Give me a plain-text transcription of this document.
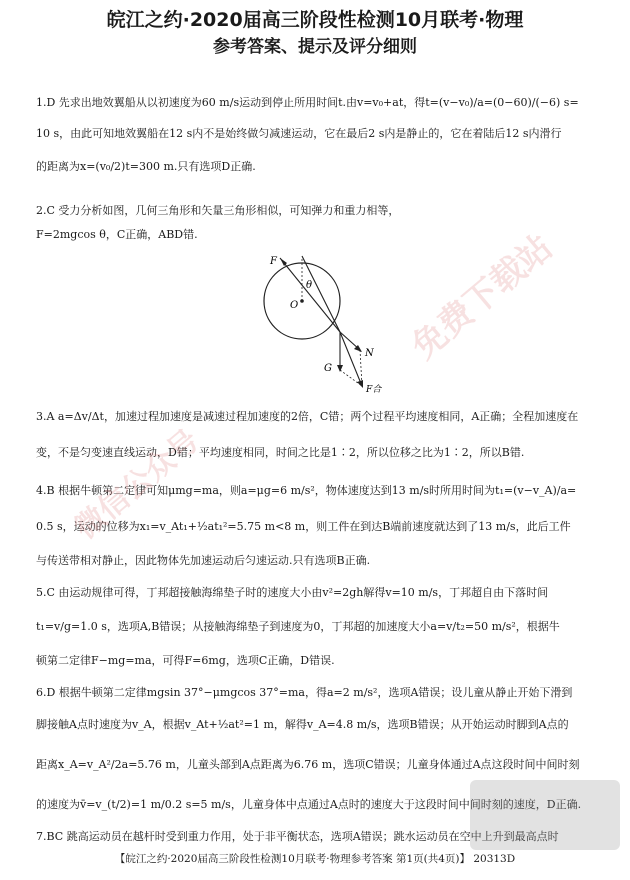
皖江之约·2020届高三阶段性检测10月联考·物理
参考答案、提示及评分细则
1.D 先求出地效翼船从以初速度为60 m/s运动到停止所用时间t.由v=v₀+at，得t=(v−v₀)/a=(0−60)/(−6) s=
10 s，由此可知地效翼船在12 s内不是始终做匀减速运动，它在最后2 s内是静止的，它在着陆后12 s内滑行
的距离为x=(v₀/2)t=300 m.只有选项D正确.
2.C 受力分析如图，几何三角形和矢量三角形相似，可知弹力和重力相等，
F=2mgcos θ，C正确，ABD错.
F
θ
O
N
G
F合
3.A a=Δv/Δt，加速过程加速度是减速过程加速度的2倍，C错；两个过程平均速度相同，A正确；全程加速度在
变，不是匀变速直线运动，D错；平均速度相同，时间之比是1∶2，所以位移之比为1∶2，所以B错.
4.B 根据牛顿第二定律可知μmg=ma，则a=μg=6 m/s²，物体速度达到13 m/s时所用时间为t₁=(v−v_A)/a=
0.5 s，运动的位移为x₁=v_At₁+½at₁²=5.75 m<8 m，则工件在到达B端前速度就达到了13 m/s，此后工件
与传送带相对静止，因此物体先加速运动后匀速运动.只有选项B正确.
5.C 由运动规律可得，丁邦超接触海绵垫子时的速度大小由v²=2gh解得v=10 m/s，丁邦超自由下落时间
t₁=v/g=1.0 s，选项A,B错误；从接触海绵垫子到速度为0，丁邦超的加速度大小a=v/t₂=50 m/s²，根据牛
顿第二定律F−mg=ma，可得F=6mg，选项C正确，D错误.
6.D 根据牛顿第二定律mgsin 37°−μmgcos 37°=ma，得a=2 m/s²，选项A错误；设儿童从静止开始下滑到
脚接触A点时速度为v_A，根据v_At+½at²=1 m，解得v_A=4.8 m/s，选项B错误；从开始运动时脚到A点的
距离x_A=v_A²/2a=5.76 m，儿童头部到A点距离为6.76 m，选项C错误；儿童身体通过A点这段时间中间时刻
的速度为v̄=v_(t/2)=1 m/0.2 s=5 m/s，儿童身体中点通过A点时的速度大于这段时间中间时刻的速度，D正确.
7.BC 跳高运动员在越杆时受到重力作用，处于非平衡状态，选项A错误；跳水运动员在空中上升到最高点时
免费下载站
微信公众号
【皖江之约·2020届高三阶段性检测10月联考·物理参考答案 第1页(共4页)】 20313D
